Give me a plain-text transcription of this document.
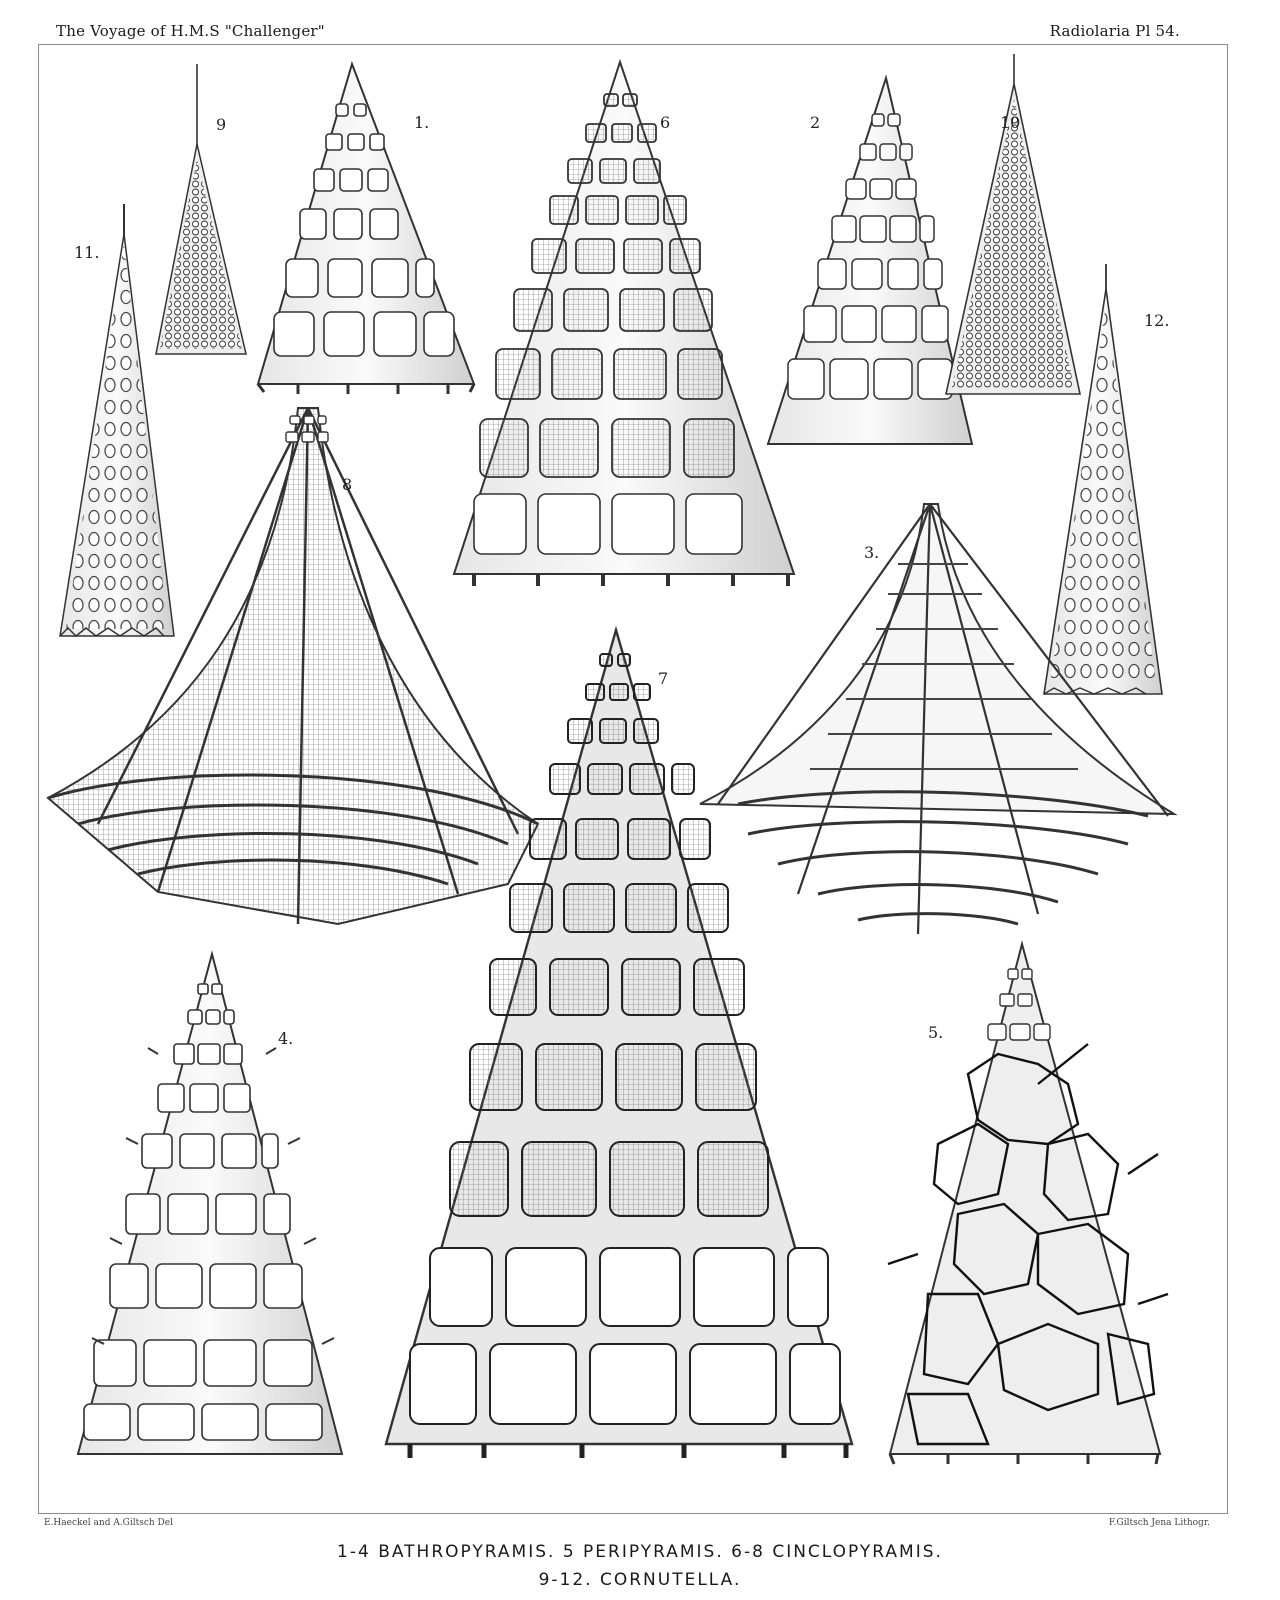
The Voyage of H.M.S "Challenger"	Radiolaria Pl 54.
1.	2
3.
4.	5.
6
7
8
9	10
11.
12.
E.Haeckel and A.Giltsch Del	F.Giltsch Jena Lithogr.
1-4 BATHROPYRAMIS. 5 PERIPYRAMIS. 6-8 CINCLOPYRAMIS.
9-12. CORNUTELLA.
